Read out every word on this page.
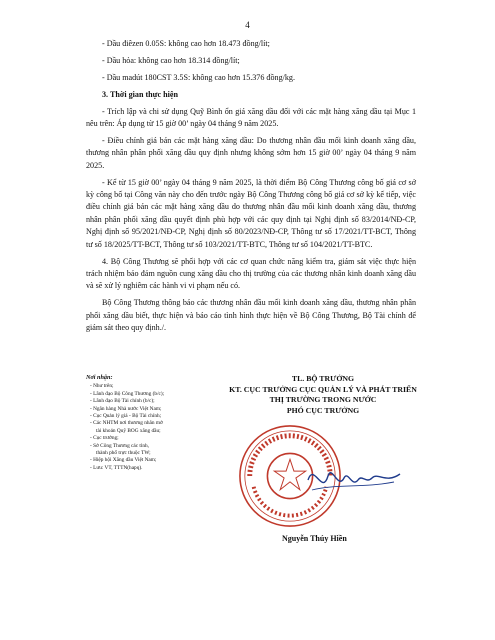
4

- Dầu điêzen 0.05S: không cao hơn 18.473 đồng/lít;

- Dầu hỏa: không cao hơn 18.314 đồng/lít;

- Dầu madút 180CST 3.5S: không cao hơn 15.376 đồng/kg.

3. Thời gian thực hiện

- Trích lập và chi sử dụng Quỹ Bình ổn giá xăng dầu đối với các mặt hàng xăng dầu tại Mục 1 nêu trên: Áp dụng từ 15 giờ 00’ ngày 04 tháng 9 năm 2025.

- Điều chỉnh giá bán các mặt hàng xăng dầu: Do thương nhân đầu mối kinh doanh xăng dầu, thương nhân phân phối xăng dầu quy định nhưng không sớm hơn 15 giờ 00’ ngày 04 tháng 9 năm 2025.

- Kể từ 15 giờ 00’ ngày 04 tháng 9 năm 2025, là thời điểm Bộ Công Thương công bố giá cơ sở kỳ công bố tại Công văn này cho đến trước ngày Bộ Công Thương công bố giá cơ sở kỳ kế tiếp, việc điều chỉnh giá bán các mặt hàng xăng dầu do thương nhân đầu mối kinh doanh xăng dầu, thương nhân phân phối xăng dầu quyết định phù hợp với các quy định tại Nghị định số 83/2014/NĐ-CP, Nghị định số 95/2021/NĐ-CP, Nghị định số 80/2023/NĐ-CP, Thông tư số 17/2021/TT-BCT, Thông tư số 18/2025/TT-BCT, Thông tư số 103/2021/TT-BTC, Thông tư số 104/2021/TT-BTC.

4. Bộ Công Thương sẽ phối hợp với các cơ quan chức năng kiểm tra, giám sát việc thực hiện trách nhiệm bảo đảm nguồn cung xăng dầu cho thị trường của các thương nhân kinh doanh xăng dầu và sẽ xử lý nghiêm các hành vi vi phạm nếu có.

Bộ Công Thương thông báo các thương nhân đầu mối kinh doanh xăng dầu, thương nhân phân phối xăng dầu biết, thực hiện và báo cáo tình hình thực hiện về Bộ Công Thương, Bộ Tài chính để giám sát theo quy định./.

Nơi nhận:
- Như trên;
- Lãnh đạo Bộ Công Thương (b/c);
- Lãnh đạo Bộ Tài chính (b/c);
- Ngân hàng Nhà nước Việt Nam;
- Cục Quản lý giá - Bộ Tài chính;
- Các NHTM nơi thương nhân mở
tài khoản Quỹ BOG xăng dầu;
- Cục trưởng;
- Sở Công Thương các tỉnh,
thành phố trực thuộc TW;
- Hiệp hội Xăng dầu Việt Nam;
- Lưu: VT, TTTN(hapq).
TL. BỘ TRƯỞNG
KT. CỤC TRƯỞNG CỤC QUẢN LÝ VÀ PHÁT TRIỂN
THỊ TRƯỜNG TRONG NƯỚC
PHÓ CỤC TRƯỞNG
Nguyễn Thúy Hiền
